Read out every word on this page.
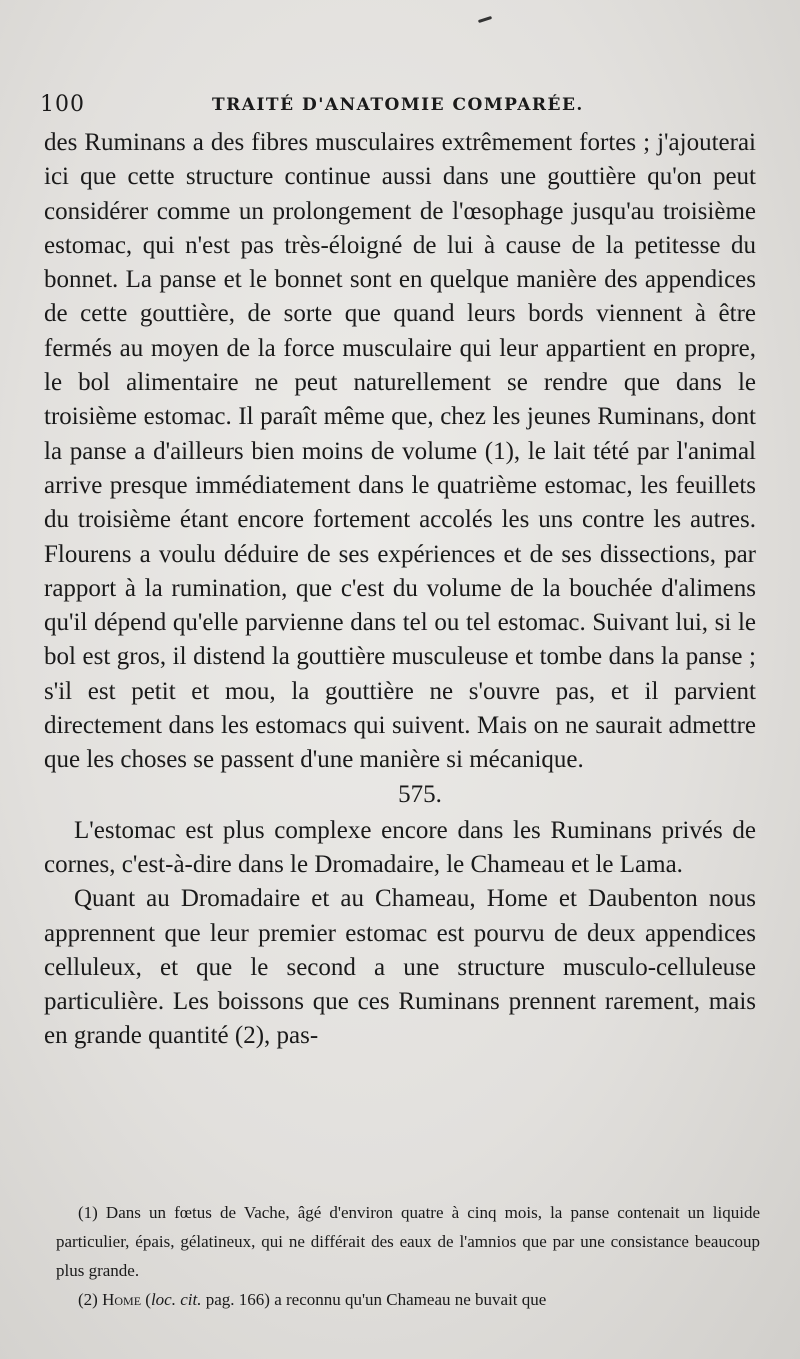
100	TRAITÉ D'ANATOMIE COMPARÉE.

des Ruminans a des fibres musculaires extrêmement fortes ; j'ajouterai ici que cette structure continue aussi dans une gouttière qu'on peut considérer comme un prolongement de l'œsophage jusqu'au troisième estomac, qui n'est pas très-éloigné de lui à cause de la petitesse du bonnet. La panse et le bonnet sont en quelque manière des appendices de cette gouttière, de sorte que quand leurs bords viennent à être fermés au moyen de la force musculaire qui leur appartient en propre, le bol alimentaire ne peut naturellement se rendre que dans le troisième estomac. Il paraît même que, chez les jeunes Ruminans, dont la panse a d'ailleurs bien moins de volume (1), le lait tété par l'animal arrive presque immédiatement dans le quatrième estomac, les feuillets du troisième étant encore fortement accolés les uns contre les autres. Flourens a voulu déduire de ses expériences et de ses dissections, par rapport à la rumination, que c'est du volume de la bouchée d'alimens qu'il dépend qu'elle parvienne dans tel ou tel estomac. Suivant lui, si le bol est gros, il distend la gouttière musculeuse et tombe dans la panse ; s'il est petit et mou, la gouttière ne s'ouvre pas, et il parvient directement dans les estomacs qui suivent. Mais on ne saurait admettre que les choses se passent d'une manière si mécanique.

575.

L'estomac est plus complexe encore dans les Ruminans privés de cornes, c'est-à-dire dans le Dromadaire, le Chameau et le Lama.

Quant au Dromadaire et au Chameau, Home et Daubenton nous apprennent que leur premier estomac est pourvu de deux appendices celluleux, et que le second a une structure musculo-celluleuse particulière. Les boissons que ces Ruminans prennent rarement, mais en grande quantité (2), pas-

(1) Dans un fœtus de Vache, âgé d'environ quatre à cinq mois, la panse contenait un liquide particulier, épais, gélatineux, qui ne différait des eaux de l'amnios que par une consistance beaucoup plus grande.

(2) Home (loc. cit. pag. 166) a reconnu qu'un Chameau ne buvait que
